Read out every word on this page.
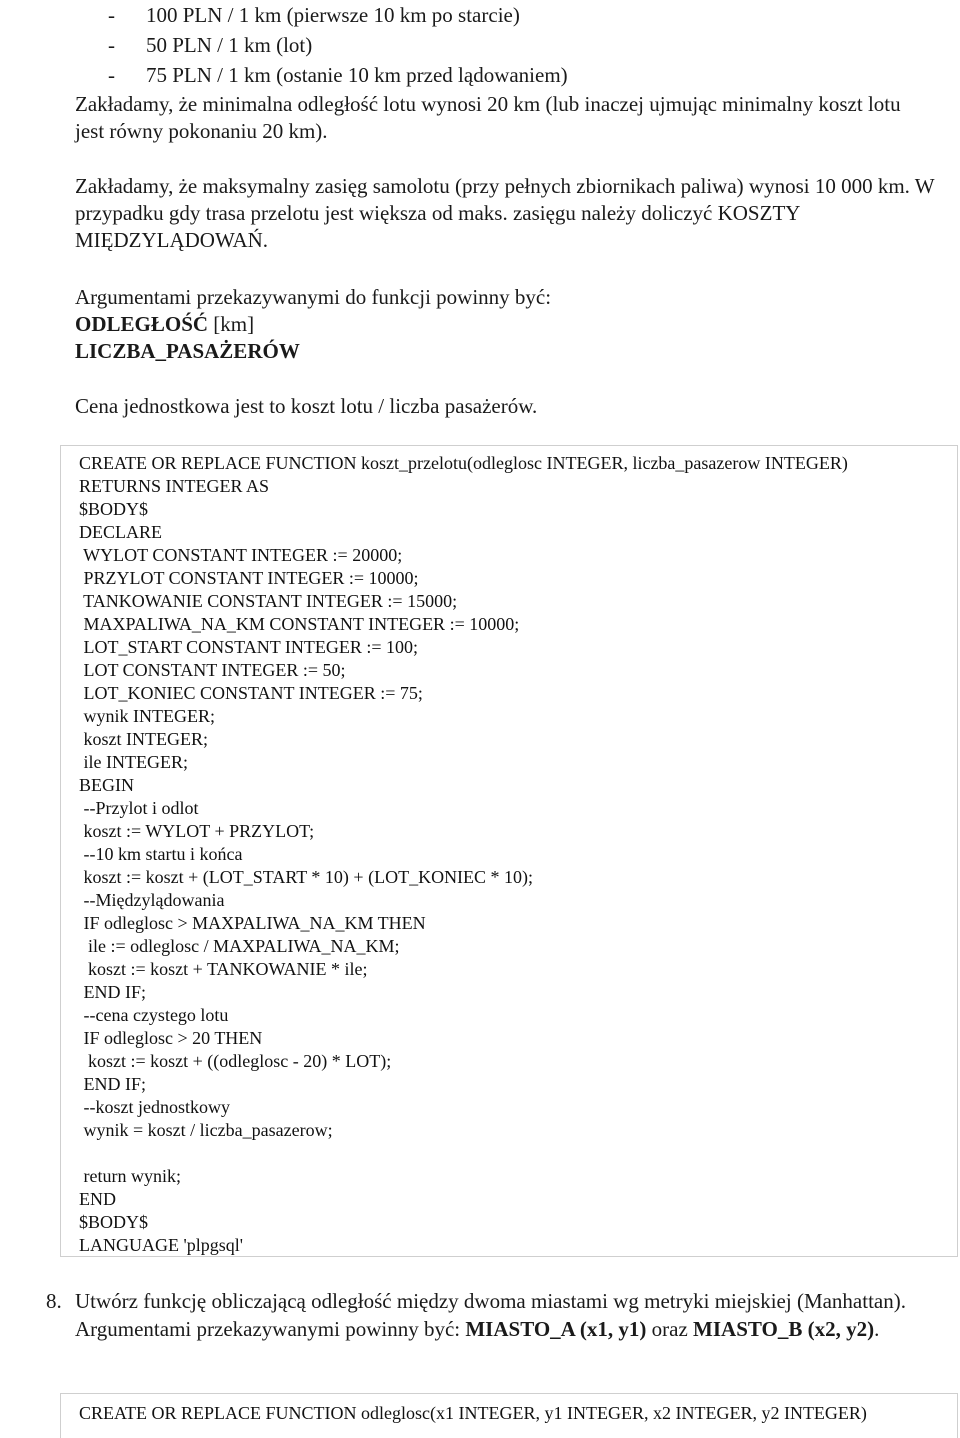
- 100 PLN / 1 km (pierwsze 10 km po starcie)
- 50 PLN / 1 km (lot)
- 75 PLN / 1 km (ostanie 10 km przed lądowaniem)

Zakładamy, że minimalna odległość lotu wynosi 20 km (lub inaczej ujmując minimalny koszt lotu jest równy pokonaniu 20 km).

Zakładamy, że maksymalny zasięg samolotu (przy pełnych zbiornikach paliwa) wynosi 10 000 km. W przypadku gdy trasa przelotu jest większa od maks. zasięgu należy doliczyć KOSZTY MIĘDZYLĄDOWAŃ.

Argumentami przekazywanymi do funkcji powinny być:
ODLEGŁOŚĆ [km]
LICZBA_PASAŻERÓW

Cena jednostkowa jest to koszt lotu / liczba pasażerów.

CREATE OR REPLACE FUNCTION koszt_przelotu(odleglosc INTEGER, liczba_pasazerow INTEGER)
RETURNS INTEGER AS
$BODY$
DECLARE
WYLOT CONSTANT INTEGER := 20000;
PRZYLOT CONSTANT INTEGER := 10000;
TANKOWANIE CONSTANT INTEGER := 15000;
MAXPALIWA_NA_KM CONSTANT INTEGER := 10000;
LOT_START CONSTANT INTEGER := 100;
LOT CONSTANT INTEGER := 50;
LOT_KONIEC CONSTANT INTEGER := 75;
wynik INTEGER;
koszt INTEGER;
ile INTEGER;
BEGIN
--Przylot i odlot
koszt := WYLOT + PRZYLOT;
--10 km startu i końca
koszt := koszt + (LOT_START * 10) + (LOT_KONIEC * 10);
--Międzylądowania
IF odleglosc > MAXPALIWA_NA_KM THEN
ile := odleglosc / MAXPALIWA_NA_KM;
koszt := koszt + TANKOWANIE * ile;
END IF;
--cena czystego lotu
IF odleglosc > 20 THEN
koszt := koszt + ((odleglosc - 20) * LOT);
END IF;
--koszt jednostkowy
wynik = koszt / liczba_pasazerow;

return wynik;
END
$BODY$
LANGUAGE 'plpgsql'

8. Utwórz funkcję obliczającą odległość między dwoma miastami wg metryki miejskiej (Manhattan). Argumentami przekazywanymi powinny być: MIASTO_A (x1, y1) oraz MIASTO_B (x2, y2).

CREATE OR REPLACE FUNCTION odleglosc(x1 INTEGER, y1 INTEGER, x2 INTEGER, y2 INTEGER)
